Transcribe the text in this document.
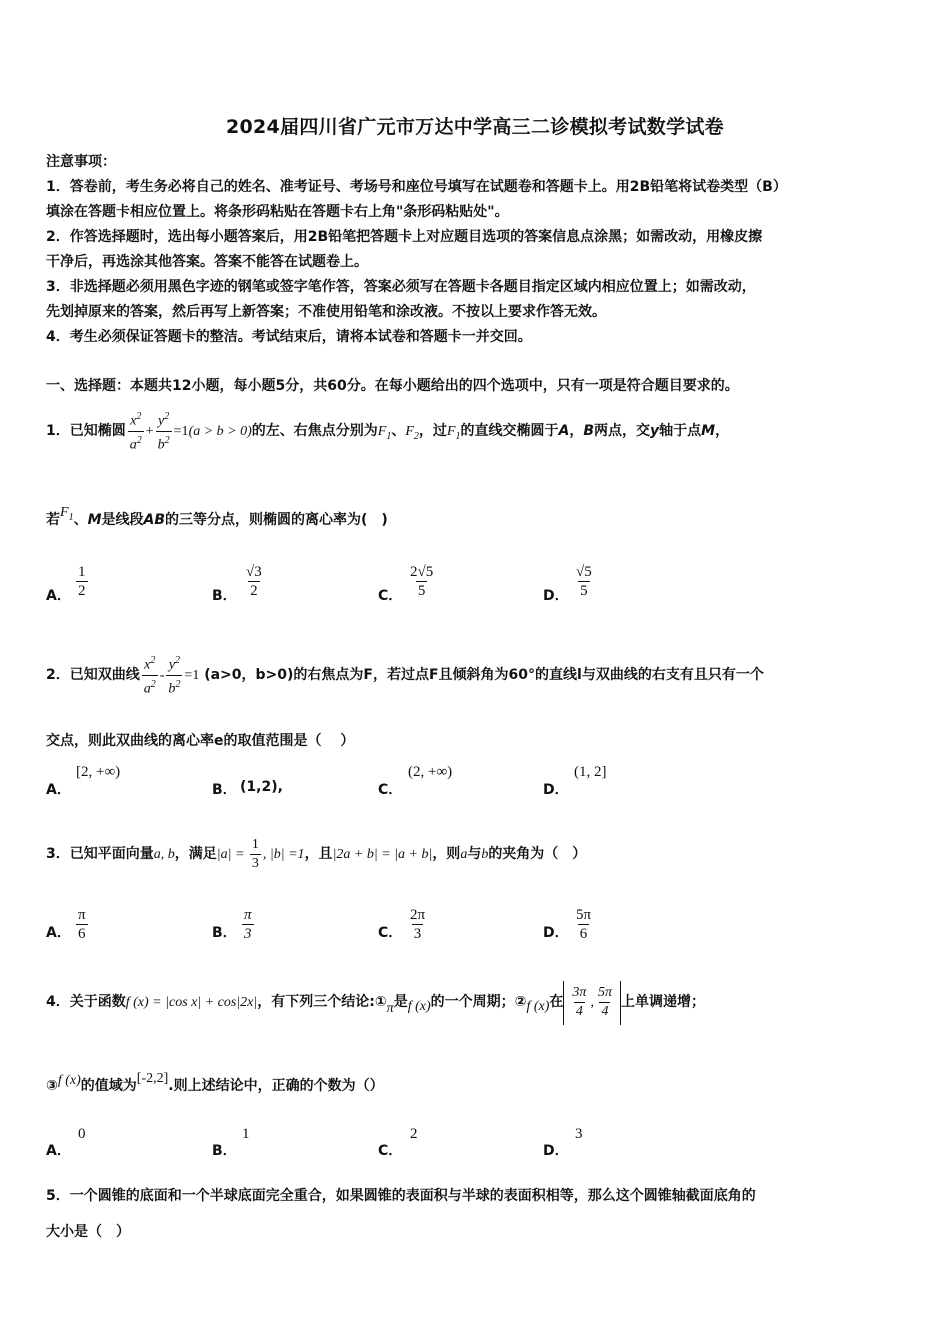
2024届四川省广元市万达中学高三二诊模拟考试数学试卷
注意事项：
1．答卷前，考生务必将自己的姓名、准考证号、考场号和座位号填写在试题卷和答题卡上。用2B铅笔将试卷类型（B）
填涂在答题卡相应位置上。将条形码粘贴在答题卡右上角"条形码粘贴处"。
2．作答选择题时，选出每小题答案后，用2B铅笔把答题卡上对应题目选项的答案信息点涂黑；如需改动，用橡皮擦
干净后，再选涂其他答案。答案不能答在试题卷上。
3．非选择题必须用黑色字迹的钢笔或签字笔作答，答案必须写在答题卡各题目指定区域内相应位置上；如需改动，
先划掉原来的答案，然后再写上新答案；不准使用铅笔和涂改液。不按以上要求作答无效。
4．考生必须保证答题卡的整洁。考试结束后，请将本试卷和答题卡一并交回。
一、选择题：本题共12小题，每小题5分，共60分。在每小题给出的四个选项中，只有一项是符合题目要求的。
1．已知椭圆 $\frac{x^2}{a^2} + \frac{y^2}{b^2} =1(a > b > 0)$的左、右焦点分别为$F_1$、$F_2$，过$F_1$的直线交椭圆于A，B两点，交y轴于点M，
若$F_1$、M是线段AB的三等分点，则椭圆的离心率为(　)
A． $\frac{1}{2}$	B． $\frac{√3}{2}$	C． $\frac{2√5}{5}$	D． $\frac{√5}{5}$
2．已知双曲线 $\frac{x^2}{a^2} - \frac{y^2}{b^2} =1$ (a>0，b>0)的右焦点为F，若过点F且倾斜角为60°的直线l与双曲线的右支有且只有一个
交点，则此双曲线的离心率e的取值范围是（　 ）
A．
[2, +∞)
B． (1,2),	C．
(2, +∞)
D．
(1, 2]
3．已知平面向量a, b，满足$|a| = \frac{1}{3}$ , |b| =1，且|2a + b| = |a + b|，则a与b的夹角为（　）
A． $\frac{\pi}{6}$	B． $\frac{\pi}{3}$	C． $\frac{2\pi}{3}$	D． $\frac{5\pi}{6}$
4．关于函数f (x) = |cos x| + cos|2x|，有下列三个结论:①π是f (x)的一个周期；②f (x)在 $\frac{3\pi}{4}$ , $\frac{5\pi}{4}$ 上单调递增；
③f (x)的值域为[-2,2].则上述结论中，正确的个数为（）
A．
0
B．
1
C．
2
D．
3
5．一个圆锥的底面和一个半球底面完全重合，如果圆锥的表面积与半球的表面积相等，那么这个圆锥轴截面底角的
大小是（　）
